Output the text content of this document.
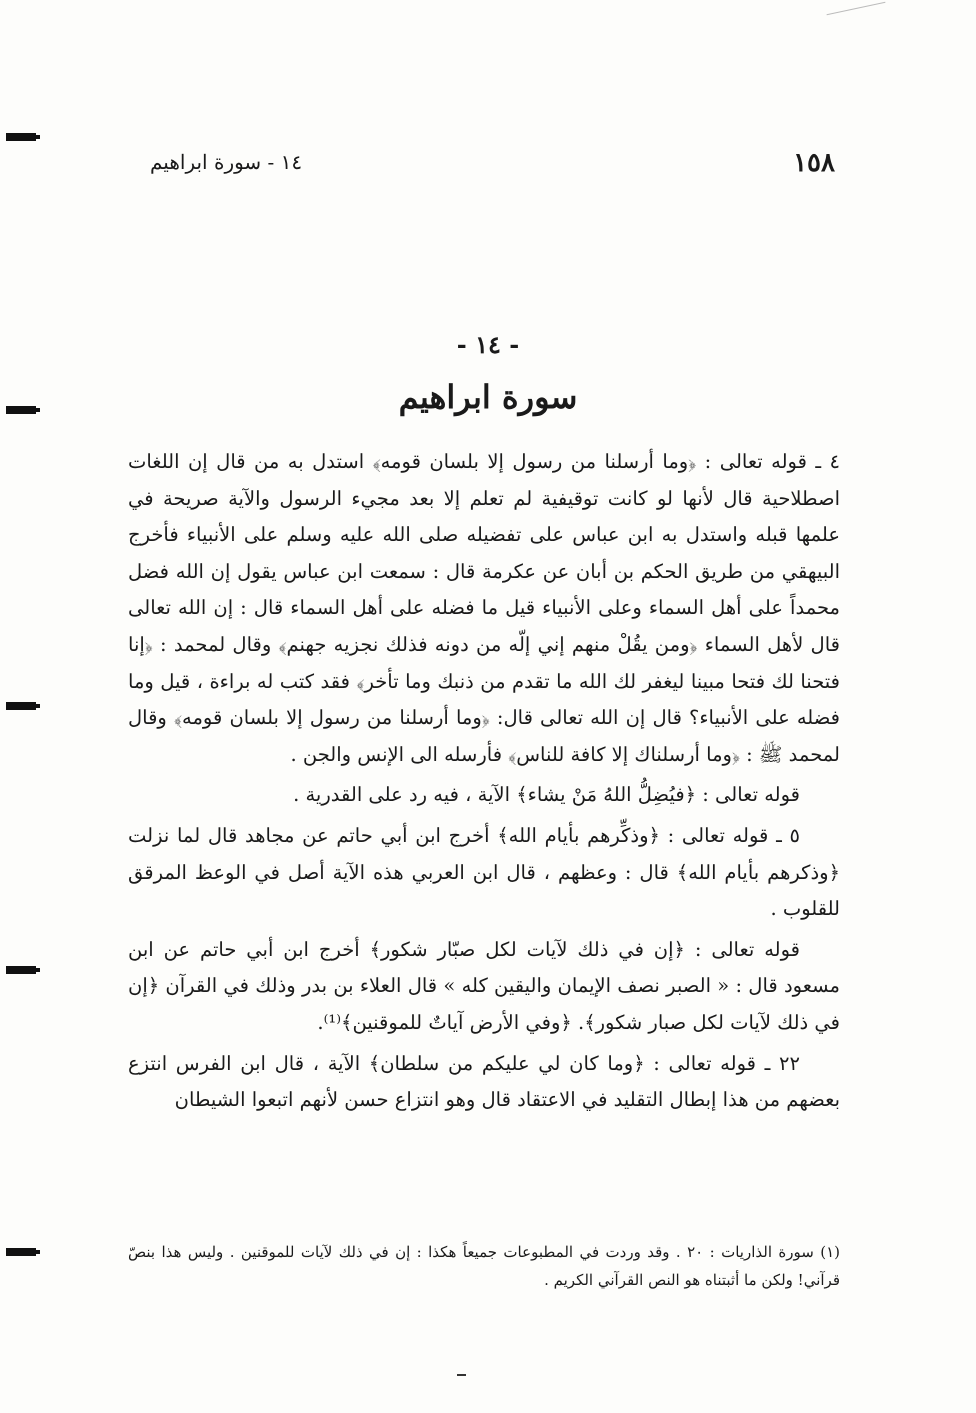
١٥٨
١٤ - سورة ابراهيم
- ١٤ -
سورة ابراهيم

٤ ـ قوله تعالى : ﴿وما أرسلنا من رسول إلا بلسان قومه﴾ استدل به من قال إن اللغات اصطلاحية قال لأنها لو كانت توقيفية لم تعلم إلا بعد مجيء الرسول والآية صريحة في علمها قبله واستدل به ابن عباس على تفضيله صلى الله عليه وسلم على الأنبياء فأخرج البيهقي من طريق الحكم بن أبان عن عكرمة قال : سمعت ابن عباس يقول إن الله فضل محمداً على أهل السماء وعلى الأنبياء قيل ما فضله على أهل السماء قال : إن الله تعالى قال لأهل السماء ﴿ومن يقُلْ منهم إني إلّه من دونه فذلك نجزيه جهنم﴾ وقال لمحمد : ﴿إنا فتحنا لك فتحا مبينا ليغفر لك الله ما تقدم من ذنبك وما تأخر﴾ فقد كتب له براءة ، قيل وما فضله على الأنبياء؟ قال إن الله تعالى قال: ﴿وما أرسلنا من رسول إلا بلسان قومه﴾ وقال لمحمد ﷺ : ﴿وما أرسلناك إلا كافة للناس﴾ فأرسله الى الإنس والجن .

قوله تعالى : ﴿فيُضِلُّ اللهُ مَنْ يشاء﴾ الآية ، فيه رد على القدرية .

٥ ـ قوله تعالى : ﴿وذكِّرهم بأيام الله﴾ أخرج ابن أبي حاتم عن مجاهد قال لما نزلت ﴿وذكرهم بأيام الله﴾ قال : وعظهم ، قال ابن العربي هذه الآية أصل في الوعظ المرقق للقلوب .

قوله تعالى : ﴿إن في ذلك لآيات لكل صبّار شكور﴾ أخرج ابن أبي حاتم عن ابن مسعود قال : « الصبر نصف الإيمان واليقين كله » قال العلاء بن بدر وذلك في القرآن ﴿إن في ذلك لآيات لكل صبار شكور﴾. ﴿وفي الأرض آياتٌ للموقنين﴾⁽¹⁾.

٢٢ ـ قوله تعالى : ﴿وما كان لي عليكم من سلطان﴾ الآية ، قال ابن الفرس انتزع بعضهم من هذا إبطال التقليد في الاعتقاد قال وهو انتزاع حسن لأنهم اتبعوا الشيطان

(١) سورة الذاريات : ٢٠ . وقد وردت في المطبوعات جميعاً هكذا : إن في ذلك لآيات للموقنين . وليس هذا بنصّ قرآني! ولكن ما أثبتناه هو النص القرآني الكريم .
